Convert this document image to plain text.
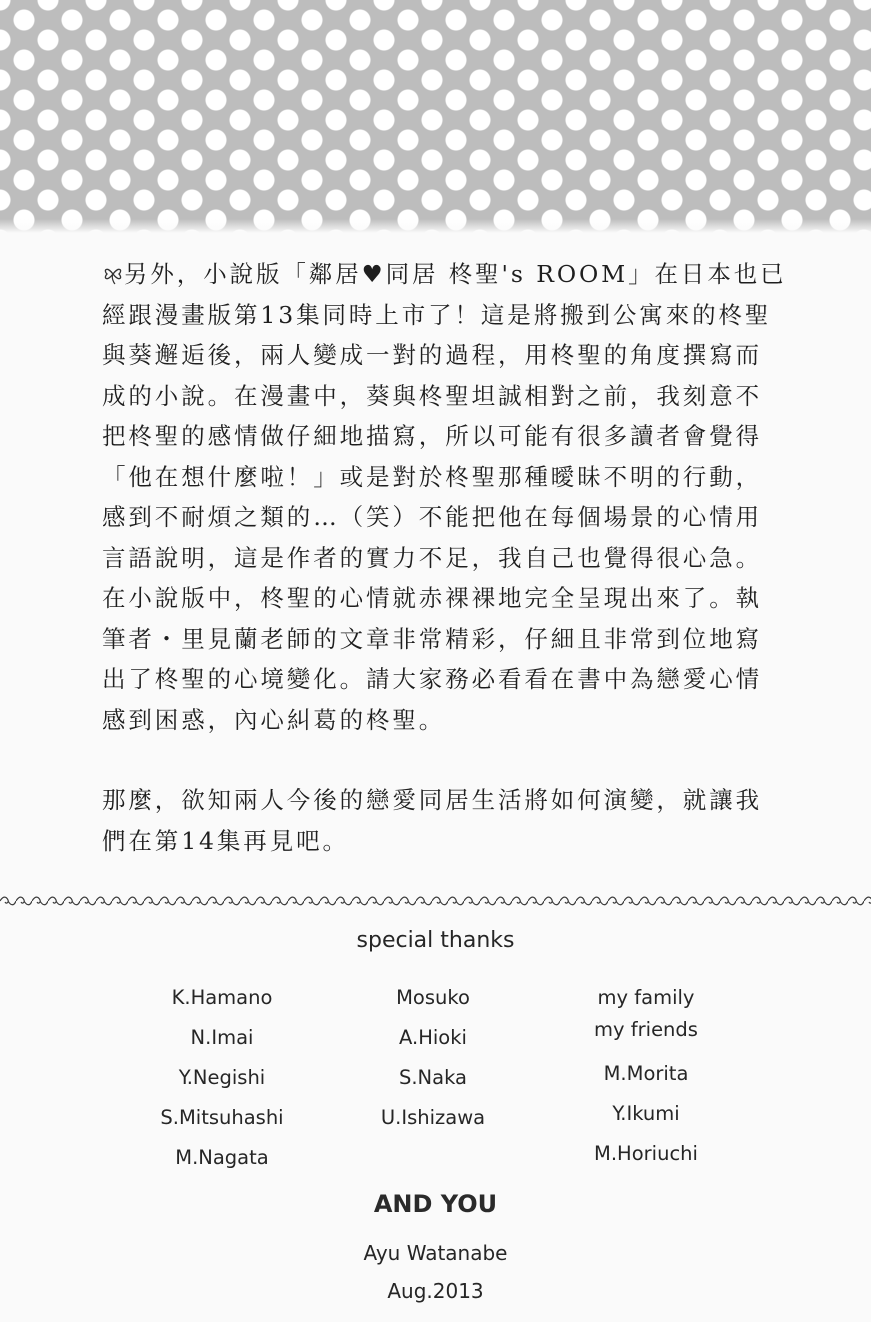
另外，小說版「鄰居♥同居 柊聖's ROOM」在日本也已
經跟漫畫版第13集同時上市了！這是將搬到公寓來的柊聖
與葵邂逅後，兩人變成一對的過程，用柊聖的角度撰寫而
成的小說。在漫畫中，葵與柊聖坦誠相對之前，我刻意不
把柊聖的感情做仔細地描寫，所以可能有很多讀者會覺得
「他在想什麼啦！」或是對於柊聖那種曖昧不明的行動，
感到不耐煩之類的…（笑）不能把他在每個場景的心情用
言語說明，這是作者的實力不足，我自己也覺得很心急。
在小說版中，柊聖的心情就赤裸裸地完全呈現出來了。執
筆者・里見蘭老師的文章非常精彩，仔細且非常到位地寫
出了柊聖的心境變化。請大家務必看看在書中為戀愛心情
感到困惑，內心糾葛的柊聖。

那麼，欲知兩人今後的戀愛同居生活將如何演變，就讓我
們在第14集再見吧。

special thanks
K.Hamano
N.Imai
Y.Negishi
S.Mitsuhashi
M.Nagata
Mosuko
A.Hioki
S.Naka
U.Ishizawa
my family
my friends
M.Morita
Y.Ikumi
M.Horiuchi
AND YOU
Ayu Watanabe
Aug.2013
